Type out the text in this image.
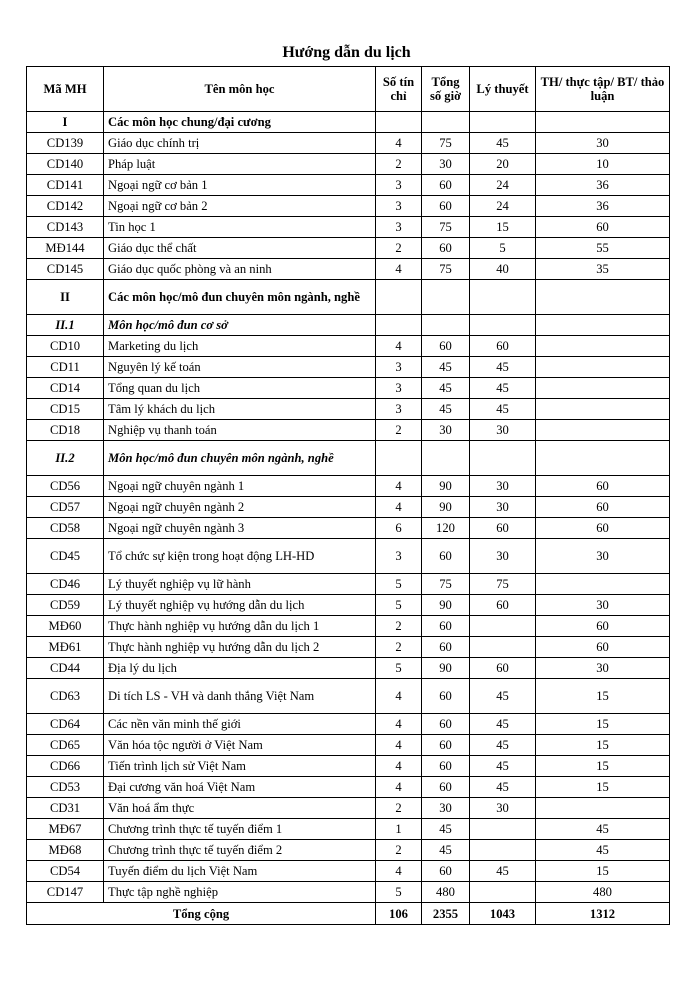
Hướng dẫn du lịch
Mã MH	Tên môn học	Số tín chỉ	Tổng số giờ	Lý thuyết	TH/ thực tập/ BT/ thảo luận
I	Các môn học chung/đại cương				
CD139	Giáo dục chính trị	4	75	45	30
CD140	Pháp luật	2	30	20	10
CD141	Ngoại ngữ cơ bản 1	3	60	24	36
CD142	Ngoại ngữ cơ bản 2	3	60	24	36
CD143	Tin học 1	3	75	15	60
MĐ144	Giáo dục thể chất	2	60	5	55
CD145	Giáo dục quốc phòng và an ninh	4	75	40	35
II	Các môn học/mô đun chuyên môn ngành, nghề				
II.1	Môn học/mô đun cơ sở				
CD10	Marketing du lịch	4	60	60	
CD11	Nguyên lý kế toán	3	45	45	
CD14	Tổng quan du lịch	3	45	45	
CD15	Tâm lý khách du lịch	3	45	45	
CD18	Nghiệp vụ thanh toán	2	30	30	
II.2	Môn học/mô đun chuyên môn ngành, nghề				
CD56	Ngoại ngữ chuyên ngành 1	4	90	30	60
CD57	Ngoại ngữ chuyên ngành 2	4	90	30	60
CD58	Ngoại ngữ chuyên ngành 3	6	120	60	60
CD45	Tổ chức sự kiện trong hoạt động LH-HD	3	60	30	30
CD46	Lý thuyết nghiệp vụ lữ hành	5	75	75	
CD59	Lý thuyết nghiệp vụ hướng dẫn du lịch	5	90	60	30
MĐ60	Thực hành nghiệp vụ hướng dẫn du lịch 1	2	60		60
MĐ61	Thực hành nghiệp vụ hướng dẫn du lịch 2	2	60		60
CD44	Địa lý du lịch	5	90	60	30
CD63	Di tích LS - VH và danh thắng Việt Nam	4	60	45	15
CD64	Các nền văn minh thế giới	4	60	45	15
CD65	Văn hóa tộc người ở Việt Nam	4	60	45	15
CD66	Tiến trình lịch sử Việt Nam	4	60	45	15
CD53	Đại cương văn hoá Việt Nam	4	60	45	15
CD31	Văn hoá ẩm thực	2	30	30	
MĐ67	Chương trình thực tế tuyến điểm 1	1	45		45
MĐ68	Chương trình thực tế tuyến điểm 2	2	45		45
CD54	Tuyến điểm du lịch Việt Nam	4	60	45	15
CD147	Thực tập nghề nghiệp	5	480		480
Tổng cộng		106	2355	1043	1312
